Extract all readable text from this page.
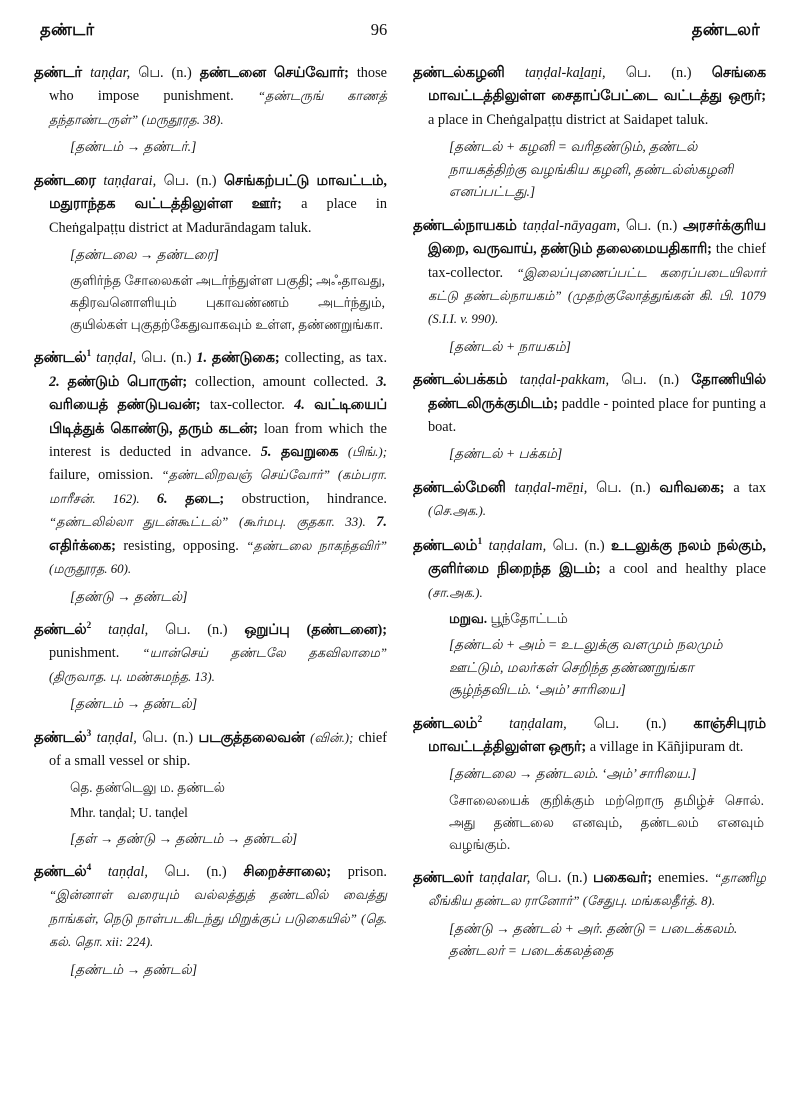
தண்டர்	96	தண்டலர்

தண்டர் taṇḍar, பெ. (n.) தண்டனை செய்வோர்; those who impose punishment. “தண்டருங் காணத் தந்தாண்டருள்” (மருதூரத. 38).

[தண்டம் → தண்டர்.]

தண்டரை taṇḍarai, பெ. (n.) செங்கற்பட்டு மாவட்டம், மதுராந்தக வட்டத்திலுள்ள ஊர்; a place in Cheṅgalpaṭṭu district at Madurāndagam taluk.

[தண்டலை → தண்டரை]

குளிர்ந்த சோலைகள் அடர்ந்துள்ள பகுதி; அஃதாவது, கதிரவனொளியும் புகாவண்ணம் அடர்ந்தும், குயில்கள் புகுதற்கேதுவாகவும் உள்ள, தண்ணறுங்கா.

தண்டல்$^1$ taṇḍal, பெ. (n.) 1. தண்டுகை; collecting, as tax. 2. தண்டும் பொருள்; collection, amount collected. 3. வரியைத் தண்டுபவன்; tax-collector. 4. வட்டியைப் பிடித்துக் கொண்டு, தரும் கடன்; loan from which the interest is deducted in advance. 5. தவறுகை (பிங்.); failure, omission. “தண்டலிறவஞ் செய்வோர்” (கம்பரா. மாரீசன். 162). 6. தடை; obstruction, hindrance. “தண்டலில்லா துடன்கூட்டல்” (கூர்மபு. குதகா. 33). 7. எதிர்க்கை; resisting, opposing. “தண்டலை நாகந்தவிர்” (மருதூரத. 60).

[தண்டு → தண்டல்]

தண்டல்$^2$ taṇḍal, பெ. (n.) ஒறுப்பு (தண்டனை); punishment. “யான்செய் தண்டலே தகவிலாமை” (திருவாத. பு. மண்சுமந்த. 13).

[தண்டம் → தண்டல்]

தண்டல்$^3$ taṇḍal, பெ. (n.) படகுத்தலைவன் (வின்.); chief of a small vessel or ship.

தெ. தண்டெலு ம. தண்டல்

Mhr. tanḍal; U. tanḍel

[தள் → தண்டு → தண்டம் → தண்டல்]

தண்டல்$^4$ taṇḍal, பெ. (n.) சிறைச்சாலை; prison. “இன்னாள் வரையும் வல்லத்துத் தண்டலில் வைத்து நாங்கள், நெடு நாள்படகிடந்து மிறுக்குப் படுகையில்” (தெ. கல். தொ. xii: 224).

[தண்டம் → தண்டல்]

தண்டல்கழனி taṇḍal-kaḻaṉi, பெ. (n.) செங்கை மாவட்டத்திலுள்ள சைதாப்பேட்டை வட்டத்து ஒரூர்; a place in Cheṅgalpaṭṭu district at Saidapet taluk.

[தண்டல் + கழனி = வரிதண்டும், தண்டல் நாயகத்திற்கு வழங்கிய கழனி, தண்டல்ஸ்கழனி எனப்பட்டது.]

தண்டல்நாயகம் taṇḍal-nāyagam, பெ. (n.) அரசர்க்குரிய இறை, வருவாய், தண்டும் தலைமையதிகாரி; the chief tax-collector. “இலைப்புணைப்பட்ட கரைப்படையிலார் கட்டு தண்டல்நாயகம்” (முதற்குலோத்துங்கன் கி. பி. 1079 (S.I.I. v. 990).

[தண்டல் + நாயகம்]

தண்டல்பக்கம் taṇḍal-pakkam, பெ. (n.) தோணியில் தண்டலிருக்குமிடம்; paddle - pointed place for punting a boat.

[தண்டல் + பக்கம்]

தண்டல்மேனி taṇḍal-mēṉi, பெ. (n.) வரிவகை; a tax (செ.அக.).

தண்டலம்$^1$ taṇḍalam, பெ. (n.) உடலுக்கு நலம் நல்கும், குளிர்மை நிறைந்த இடம்; a cool and healthy place (சா.அக.).

மறுவ. பூந்தோட்டம்

[தண்டல் + அம் = உடலுக்கு வளமும் நலமும் ஊட்டும், மலர்கள் செறிந்த தண்ணறுங்கா சூழ்ந்தவிடம். ‘அம்’ சாரியை]

தண்டலம்$^2$ taṇḍalam, பெ. (n.) காஞ்சிபுரம் மாவட்டத்திலுள்ள ஒரூர்; a village in Kāñjipuram dt.

[தண்டலை → தண்டலம். ‘அம்’ சாரியை.]

சோலையைக் குறிக்கும் மற்றொரு தமிழ்ச் சொல். அது தண்டலை எனவும், தண்டலம் எனவும் வழங்கும்.

தண்டலர் taṇḍalar, பெ. (n.) பகைவர்; enemies. “தாணிழ லீங்கிய தண்டல ரானோர்” (சேதுபு. மங்கலதீர்த். 8).

[தண்டு → தண்டல் + அர். தண்டு = படைக்கலம். தண்டலர் = படைக்கலத்தை
